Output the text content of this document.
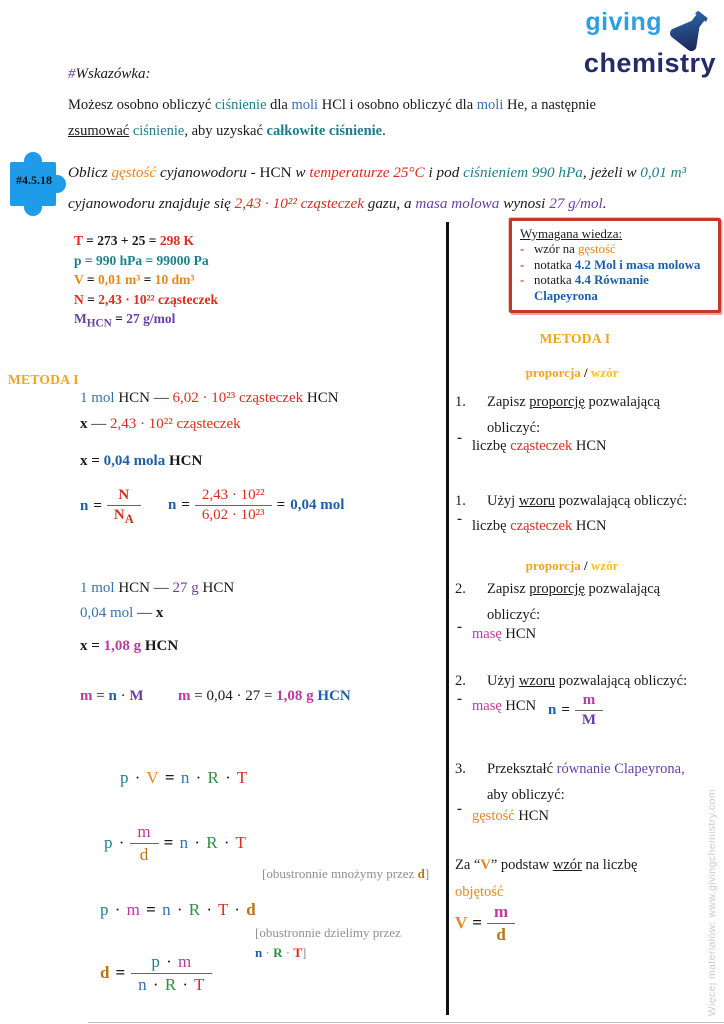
giving
chemistry
#Wskazówka:
Możesz osobno obliczyć ciśnienie dla moli HCl i osobno obliczyć dla moli He, a następnie zsumować ciśnienie, aby uzyskać całkowite ciśnienie.
#4.5.18	Oblicz gęstość cyjanowodoru - HCN w temperaturze 25°C i pod ciśnieniem 990 hPa, jeżeli w 0,01 m³ cyjanowodoru znajduje się 2,43 · 10²² cząsteczek gazu, a masa molowa wynosi 27 g/mol.
T = 273 + 25 = 298 K
p = 990 hPa = 99000 Pa
V = 0,01 m³ = 10 dm³
N = 2,43 · 10²² cząsteczek
$M_{HCN} = 27$ g/mol
Wymagana wiedza:
- wzór na gęstość
- notatka 4.2 Mol i masa molowa
- notatka 4.4 Równanie Clapeyrona
METODA I
1 mol HCN — 6,02 · 10²³ cząsteczek HCN
x — 2,43 · 10²² cząsteczek
x = 0,04 mola HCN
$n = \frac{N}{N_A}$ $n = \frac{\text{2,43 · 10²²}}{\text{6,02 · 10²³}} = 0,04$ mol
1 mol HCN — 27 g HCN
0,04 mol — x
x = 1,08 g HCN
m = n · M m = 0,04 · 27 = 1,08 g HCN
p · V = n · R · T
$p \cdot \frac{m}{d} = n \cdot R \cdot T$
[obustronnie mnożymy przez d]
p · m = n · R · T · d
[obustronnie dzielimy przez
n · R · T]
$d = \frac{p \cdot m}{n \cdot R \cdot T}$
METODA I
proporcja / wzór
1. Zapisz proporcję pozwalającą
obliczyć:
- liczbę cząsteczek HCN
1. Użyj wzoru pozwalającą obliczyć:
- liczbę cząsteczek HCN
proporcja / wzór
2. Zapisz proporcję pozwalającą
obliczyć:
- masę HCN
2. Użyj wzoru pozwalającą obliczyć:
- masę HCN $n = \frac{m}{M}$
3. Przekształć równanie Clapeyrona,
aby obliczyć:
- gęstość HCN
Za “V” podstaw wzór na liczbę
objętość
$V = \frac{m}{d}$	Więcej materiałów: www.givingchemistry.com
